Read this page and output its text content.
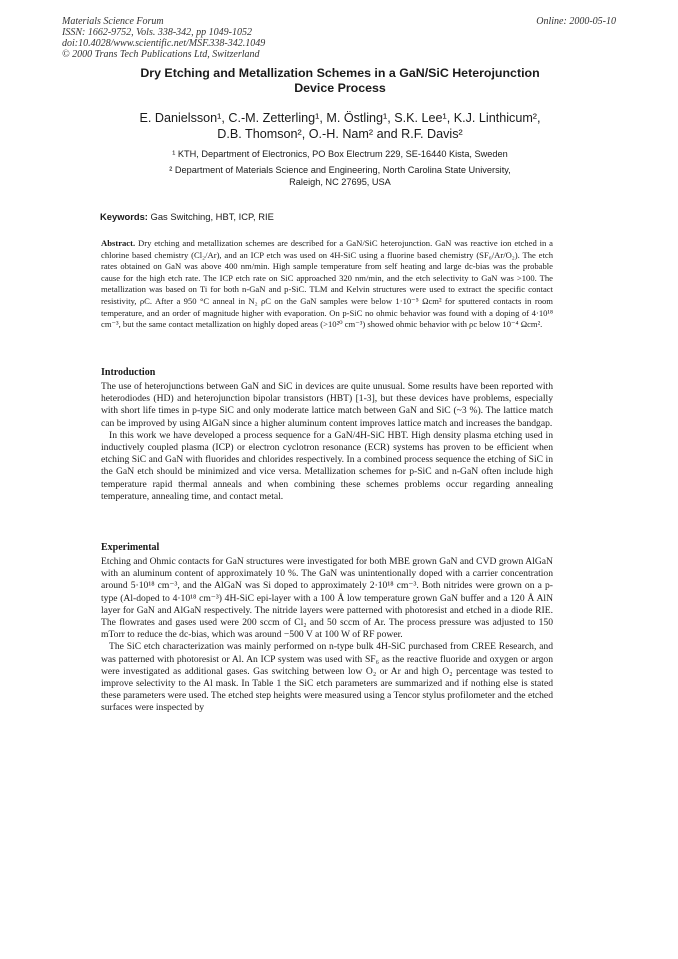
Materials Science Forum
ISSN: 1662-9752, Vols. 338-342, pp 1049-1052
doi:10.4028/www.scientific.net/MSF.338-342.1049
© 2000 Trans Tech Publications Ltd, Switzerland
Online: 2000-05-10
Dry Etching and Metallization Schemes in a GaN/SiC Heterojunction
Device Process
E. Danielsson¹, C.-M. Zetterling¹, M. Östling¹, S.K. Lee¹, K.J. Linthicum²,
D.B. Thomson², O.-H. Nam² and R.F. Davis²
¹ KTH, Department of Electronics, PO Box Electrum 229, SE-16440 Kista, Sweden
² Department of Materials Science and Engineering, North Carolina State University,
Raleigh, NC 27695, USA
Keywords: Gas Switching, HBT, ICP, RIE
Abstract. Dry etching and metallization schemes are described for a GaN/SiC heterojunction. GaN was reactive ion etched in a chlorine based chemistry (Cl₂/Ar), and an ICP etch was used on 4H-SiC using a fluorine based chemistry (SF₆/Ar/O₂). The etch rates obtained on GaN was above 400 nm/min. High sample temperature from self heating and large dc-bias was the probable cause for the high etch rate. The ICP etch rate on SiC approached 320 nm/min, and the etch selectivity to GaN was >100. The metallization was based on Ti for both n-GaN and p-SiC. TLM and Kelvin structures were used to extract the specific contact resistivity, ρC. After a 950 °C anneal in N₂ ρC on the GaN samples were below 1·10⁻⁵ Ωcm² for sputtered contacts in room temperature, and an order of magnitude higher with evaporation. On p-SiC no ohmic behavior was found with a doping of 4·10¹⁸ cm⁻³, but the same contact metallization on highly doped areas (>10²⁰ cm⁻³) showed ohmic behavior with ρc below 10⁻⁴ Ωcm².
Introduction

The use of heterojunctions between GaN and SiC in devices are quite unusual. Some results have been reported with heterodiodes (HD) and heterojunction bipolar transistors (HBT) [1-3], but these devices have problems, especially with short life times in p-type SiC and only moderate lattice match between GaN and SiC (~3 %). The lattice match can be improved by using AlGaN since a higher aluminum content improves lattice match and increases the bandgap.

In this work we have developed a process sequence for a GaN/4H-SiC HBT. High density plasma etching used in inductively coupled plasma (ICP) or electron cyclotron resonance (ECR) systems has proven to be efficient when etching SiC and GaN with fluorides and chlorides respectively. In a combined process sequence the etching of SiC in the GaN etch should be minimized and vice versa. Metallization schemes for p-SiC and n-GaN often include high temperature rapid thermal anneals and when combining these schemes problems occur regarding annealing temperature, annealing time, and contact metal.

Experimental

Etching and Ohmic contacts for GaN structures were investigated for both MBE grown GaN and CVD grown AlGaN with an aluminum content of approximately 10 %. The GaN was unintentionally doped with a carrier concentration around 5·10¹⁸ cm⁻³, and the AlGaN was Si doped to approximately 2·10¹⁸ cm⁻³. Both nitrides were grown on a p-type (Al-doped to 4·10¹⁸ cm⁻³) 4H-SiC epi-layer with a 100 Å low temperature grown GaN buffer and a 120 Å AlN layer for GaN and AlGaN respectively. The nitride layers were patterned with photoresist and etched in a diode RIE. The flowrates and gases used were 200 sccm of Cl₂ and 50 sccm of Ar. The process pressure was adjusted to 150 mTorr to reduce the dc-bias, which was around −500 V at 100 W of RF power.

The SiC etch characterization was mainly performed on n-type bulk 4H-SiC purchased from CREE Research, and was patterned with photoresist or Al. An ICP system was used with SF₆ as the reactive fluoride and oxygen or argon were investigated as additional gases. Gas switching between low O₂ or Ar and high O₂ percentage was tested to improve selectivity to the Al mask. In Table 1 the SiC etch parameters are summarized and if nothing else is stated these parameters were used. The etched step heights were measured using a Tencor stylus profilometer and the etched surfaces were inspected by
